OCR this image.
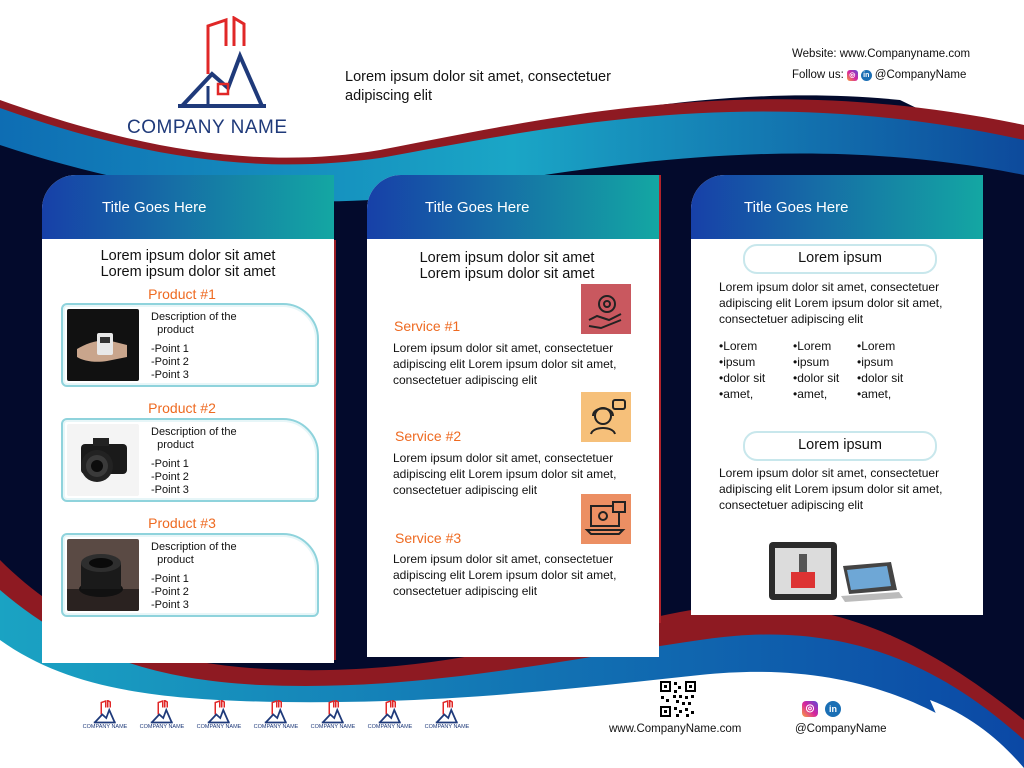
COMPANY NAME
Lorem ipsum dolor sit amet, consectetuer adipiscing elit
Website: www.Companyname.com
Follow us: ◎	in @CompanyName
Title Goes Here
Lorem ipsum dolor sit amet
Lorem ipsum dolor sit amet
Product #1
Description of the
product
-Point 1
-Point 2
-Point 3
Product #2
Description of the
product
-Point 1
-Point 2
-Point 3
Product #3
Description of the
product
-Point 1
-Point 2
-Point 3
Title Goes Here
Lorem ipsum dolor sit amet
Lorem ipsum dolor sit amet
Service #1
Lorem ipsum dolor sit amet, consectetuer adipiscing elit Lorem ipsum dolor sit amet, consectetuer adipiscing elit
Service #2
Lorem ipsum dolor sit amet, consectetuer adipiscing elit Lorem ipsum dolor sit amet, consectetuer adipiscing elit
Service #3
Lorem ipsum dolor sit amet, consectetuer adipiscing elit Lorem ipsum dolor sit amet, consectetuer adipiscing elit
Title Goes Here
Lorem ipsum
Lorem ipsum dolor sit amet, consectetuer adipiscing elit Lorem ipsum dolor sit amet, consectetuer adipiscing elit
•Lorem
•ipsum
•dolor sit
•amet,
•Lorem
•ipsum
•dolor sit
•amet,
•Lorem
•ipsum
•dolor sit
•amet,
Lorem ipsum
Lorem ipsum dolor sit amet, consectetuer adipiscing elit Lorem ipsum dolor sit amet, consectetuer adipiscing elit
COMPANY NAME	COMPANY NAME	COMPANY NAME	COMPANY NAME	COMPANY NAME	COMPANY NAME	COMPANY NAME	www.CompanyName.com
◎	in
@CompanyName
